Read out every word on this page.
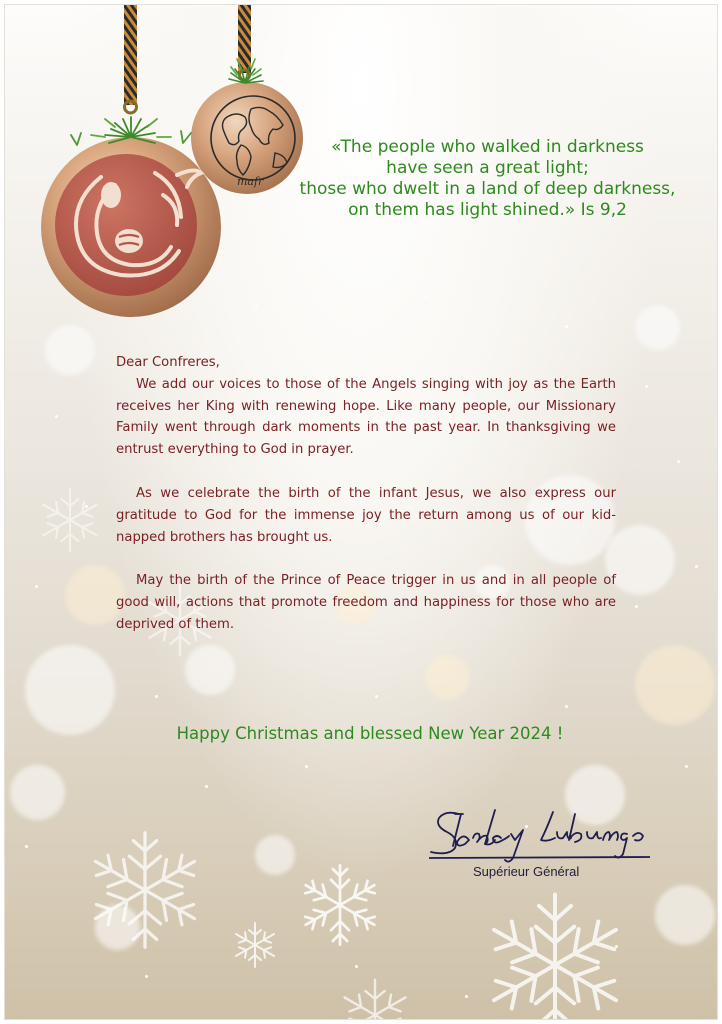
mafr
«The people who walked in darkness
have seen a great light;
those who dwelt in a land of deep darkness,
on them has light shined.» Is 9,2

Dear Confreres,

We add our voices to those of the Angels singing with joy as the Earth receives her King with renewing hope. Like many people, our Missionary Family went through dark moments in the past year. In thanksgiving we entrust everything to God in prayer.

As we celebrate the birth of the infant Jesus, we also express our gratitude to God for the immense joy the return among us of our kid-napped brothers has brought us.

May the birth of the Prince of Peace trigger in us and in all people of good will, actions that promote freedom and happiness for those who are deprived of them.

Happy Christmas and blessed New Year 2024 !
Supérieur Général
